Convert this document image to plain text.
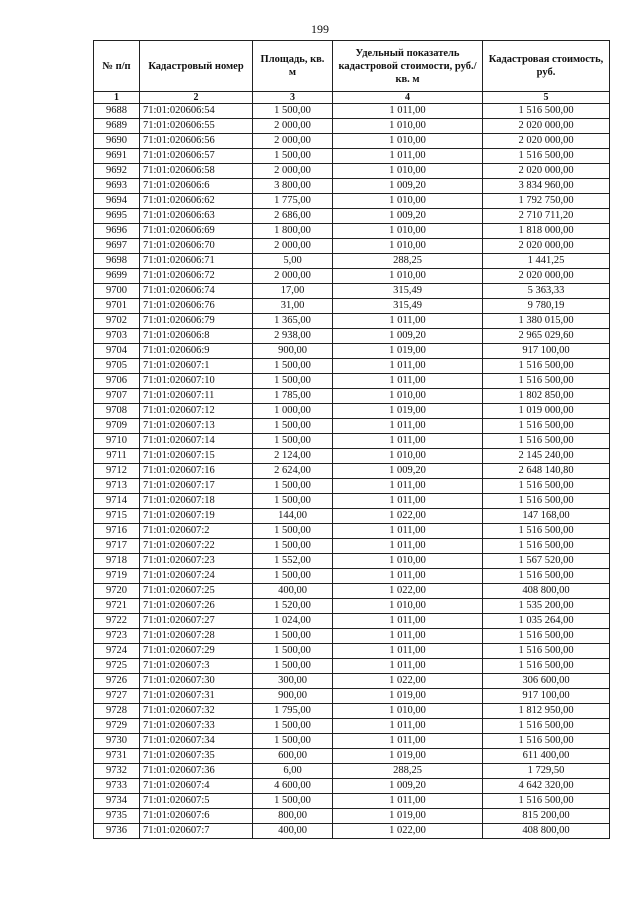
199
№ п/п	Кадастровый номер	Площадь, кв. м	Удельный показатель кадастровой стоимости, руб./кв. м	Кадастровая стоимость, руб.
1	2	3	4	5
9688	71:01:020606:54	1 500,00	1 011,00	1 516 500,00
9689	71:01:020606:55	2 000,00	1 010,00	2 020 000,00
9690	71:01:020606:56	2 000,00	1 010,00	2 020 000,00
9691	71:01:020606:57	1 500,00	1 011,00	1 516 500,00
9692	71:01:020606:58	2 000,00	1 010,00	2 020 000,00
9693	71:01:020606:6	3 800,00	1 009,20	3 834 960,00
9694	71:01:020606:62	1 775,00	1 010,00	1 792 750,00
9695	71:01:020606:63	2 686,00	1 009,20	2 710 711,20
9696	71:01:020606:69	1 800,00	1 010,00	1 818 000,00
9697	71:01:020606:70	2 000,00	1 010,00	2 020 000,00
9698	71:01:020606:71	5,00	288,25	1 441,25
9699	71:01:020606:72	2 000,00	1 010,00	2 020 000,00
9700	71:01:020606:74	17,00	315,49	5 363,33
9701	71:01:020606:76	31,00	315,49	9 780,19
9702	71:01:020606:79	1 365,00	1 011,00	1 380 015,00
9703	71:01:020606:8	2 938,00	1 009,20	2 965 029,60
9704	71:01:020606:9	900,00	1 019,00	917 100,00
9705	71:01:020607:1	1 500,00	1 011,00	1 516 500,00
9706	71:01:020607:10	1 500,00	1 011,00	1 516 500,00
9707	71:01:020607:11	1 785,00	1 010,00	1 802 850,00
9708	71:01:020607:12	1 000,00	1 019,00	1 019 000,00
9709	71:01:020607:13	1 500,00	1 011,00	1 516 500,00
9710	71:01:020607:14	1 500,00	1 011,00	1 516 500,00
9711	71:01:020607:15	2 124,00	1 010,00	2 145 240,00
9712	71:01:020607:16	2 624,00	1 009,20	2 648 140,80
9713	71:01:020607:17	1 500,00	1 011,00	1 516 500,00
9714	71:01:020607:18	1 500,00	1 011,00	1 516 500,00
9715	71:01:020607:19	144,00	1 022,00	147 168,00
9716	71:01:020607:2	1 500,00	1 011,00	1 516 500,00
9717	71:01:020607:22	1 500,00	1 011,00	1 516 500,00
9718	71:01:020607:23	1 552,00	1 010,00	1 567 520,00
9719	71:01:020607:24	1 500,00	1 011,00	1 516 500,00
9720	71:01:020607:25	400,00	1 022,00	408 800,00
9721	71:01:020607:26	1 520,00	1 010,00	1 535 200,00
9722	71:01:020607:27	1 024,00	1 011,00	1 035 264,00
9723	71:01:020607:28	1 500,00	1 011,00	1 516 500,00
9724	71:01:020607:29	1 500,00	1 011,00	1 516 500,00
9725	71:01:020607:3	1 500,00	1 011,00	1 516 500,00
9726	71:01:020607:30	300,00	1 022,00	306 600,00
9727	71:01:020607:31	900,00	1 019,00	917 100,00
9728	71:01:020607:32	1 795,00	1 010,00	1 812 950,00
9729	71:01:020607:33	1 500,00	1 011,00	1 516 500,00
9730	71:01:020607:34	1 500,00	1 011,00	1 516 500,00
9731	71:01:020607:35	600,00	1 019,00	611 400,00
9732	71:01:020607:36	6,00	288,25	1 729,50
9733	71:01:020607:4	4 600,00	1 009,20	4 642 320,00
9734	71:01:020607:5	1 500,00	1 011,00	1 516 500,00
9735	71:01:020607:6	800,00	1 019,00	815 200,00
9736	71:01:020607:7	400,00	1 022,00	408 800,00
